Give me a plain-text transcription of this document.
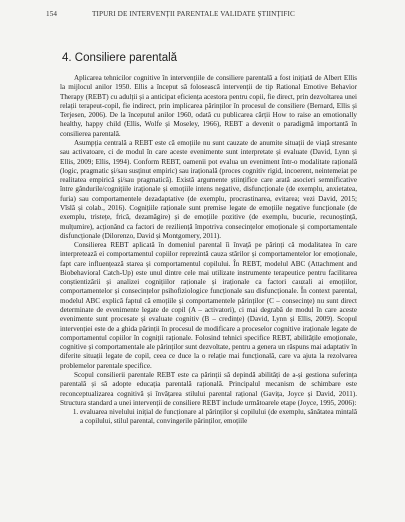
154	TIPURI DE INTERVENȚII PARENTALE VALIDATE ȘTIINȚIFIC
4. Consiliere parentală

Aplicarea tehnicilor cognitive în intervențiile de consiliere parentală a fost inițiată de Albert Ellis la mijlocul anilor 1950. Ellis a început să folosească intervenții de tip Rational Emotive Behavior Therapy (REBT) cu adulții și a anticipat eficiența acestora pentru copii, fie direct, prin dezvoltarea unei relații terapeut-copil, fie indirect, prin implicarea părinților în procesul de consiliere (Bernard, Ellis și Terjesen, 2006). De la începutul anilor 1960, odată cu publicarea cărții How to raise an emotionally healthy, happy child (Ellis, Wolfe și Moseley, 1966), REBT a devenit o paradigmă importantă în consilierea parentală.

Asumpția centrală a REBT este că emoțiile nu sunt cauzate de anumite situații de viață stresante sau activatoare, ci de modul în care aceste evenimente sunt interpretate și evaluate (David, Lynn și Ellis, 2009; Ellis, 1994). Conform REBT, oamenii pot evalua un eveniment într-o modalitate rațională (logic, pragmatic și/sau susținut empiric) sau irațională (proces cognitiv rigid, incoerent, neintemeiat pe realitatea empirică și/sau pragmatică). Există argumente științifice care arată asocieri semnificative între gândurile/cognițiile iraționale și emoțiile intens negative, disfuncționale (de exemplu, anxietatea, furia) sau comportamentele dezadaptative (de exemplu, procrastinarea, evitarea; vezi David, 2015; Vîslă și colab., 2016). Cognițiile raționale sunt premise legate de emoțiile negative funcționale (de exemplu, tristețe, frică, dezamăgire) și de emoțiile pozitive (de exemplu, bucurie, recunoștință, mulțumire), acționând ca factori de reziliență împotriva consecințelor emoționale și comportamentale disfuncționale (Dilorenzo, David și Montgomery, 2011).

Consilierea REBT aplicată în domeniul parental îi învață pe părinți că modalitatea în care interpretează ei comportamentul copiilor reprezintă cauza stărilor și comportamentelor lor emoționale, fapt care influențează starea și comportamentul copilului. În REBT, modelul ABC (Attachment and Biobehavioral Catch-Up) este unul dintre cele mai utilizate instrumente terapeutice pentru facilitarea conștientizării și analizei cognițiilor raționale și iraționale ca factori cauzali ai emoțiilor, comportamentelor și consecințelor psihofiziologice funcționale sau disfuncționale. În context parental, modelul ABC explică faptul că emoțiile și comportamentele părinților (C – consecințe) nu sunt direct determinate de evenimente legate de copil (A – activatori), ci mai degrabă de modul în care aceste evenimente sunt procesate și evaluate cognitiv (B – credințe) (David, Lynn și Ellis, 2009). Scopul intervenției este de a ghida părinții în procesul de modificare a proceselor cognitive iraționale legate de comportamentul copiilor în cogniții raționale. Folosind tehnici specifice REBT, abilitățile emoționale, cognitive și comportamentale ale părinților sunt dezvoltate, pentru a genera un răspuns mai adaptativ în diferite situații legate de copil, ceea ce duce la o relație mai funcțională, care va ajuta la rezolvarea problemelor parentale specifice.

Scopul consilierii parentale REBT este ca părinții să depindă abilități de a-și gestiona suferința parentală și să adopte educația parentală rațională. Principalul mecanism de schimbare este reconceptualizarea cognitivă și învățarea stilului parental rațional (Gavița, Joyce și David, 2011). Structura standard a unei intervenții de consiliere REBT include următoarele etape (Joyce, 1995, 2006):

1. evaluarea nivelului inițial de funcționare al părinților și copilului (de exemplu, sănătatea mintală a copilului, stilul parental, convingerile părinților, emoțiile
